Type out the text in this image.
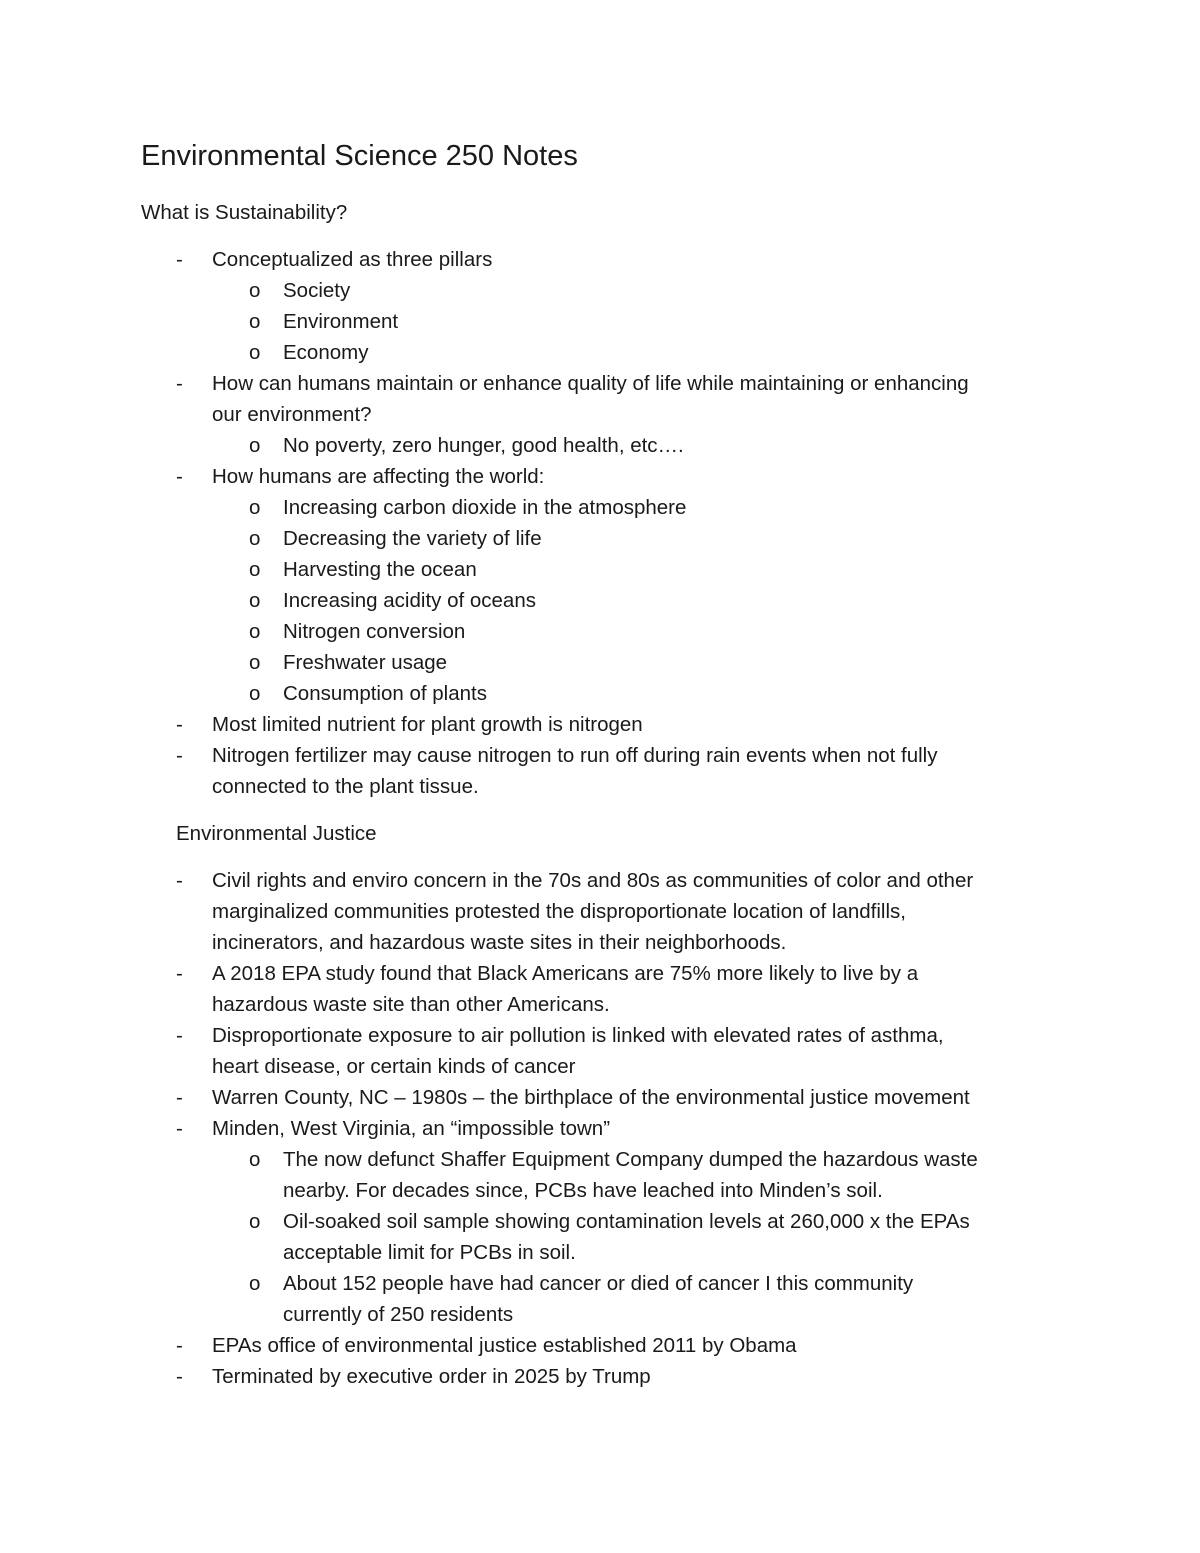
Environmental Science 250 Notes
What is Sustainability?
- Conceptualized as three pillars
o Society
o Environment
o Economy
- How can humans maintain or enhance quality of life while maintaining or enhancing
our environment?
o No poverty, zero hunger, good health, etc….
- How humans are affecting the world:
o Increasing carbon dioxide in the atmosphere
o Decreasing the variety of life
o Harvesting the ocean
o Increasing acidity of oceans
o Nitrogen conversion
o Freshwater usage
o Consumption of plants
- Most limited nutrient for plant growth is nitrogen
- Nitrogen fertilizer may cause nitrogen to run off during rain events when not fully
connected to the plant tissue.
Environmental Justice
- Civil rights and enviro concern in the 70s and 80s as communities of color and other
marginalized communities protested the disproportionate location of landfills,
incinerators, and hazardous waste sites in their neighborhoods.
- A 2018 EPA study found that Black Americans are 75% more likely to live by a
hazardous waste site than other Americans.
- Disproportionate exposure to air pollution is linked with elevated rates of asthma,
heart disease, or certain kinds of cancer
- Warren County, NC – 1980s – the birthplace of the environmental justice movement
- Minden, West Virginia, an “impossible town”
o The now defunct Shaffer Equipment Company dumped the hazardous waste
nearby. For decades since, PCBs have leached into Minden’s soil.
o Oil-soaked soil sample showing contamination levels at 260,000 x the EPAs
acceptable limit for PCBs in soil.
o About 152 people have had cancer or died of cancer I this community
currently of 250 residents
- EPAs office of environmental justice established 2011 by Obama
- Terminated by executive order in 2025 by Trump
